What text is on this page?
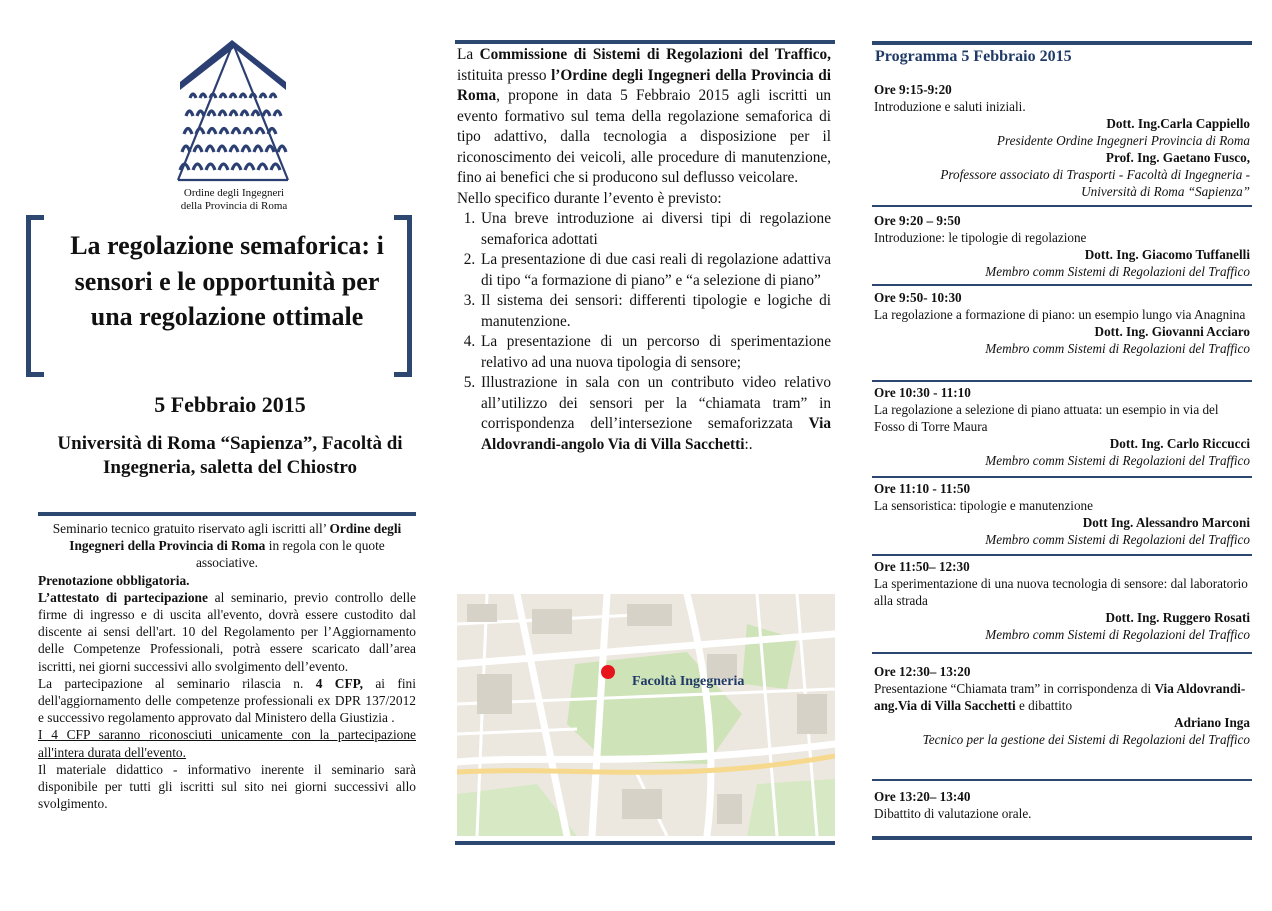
Ordine degli Ingegneri
della Provincia di Roma
La regolazione semaforica: i sensori e le opportunità per una regolazione ottimale
5 Febbraio 2015
Università di Roma “Sapienza”, Facoltà di Ingegneria, saletta del Chiostro

Seminario tecnico gratuito riservato agli iscritti all’ Ordine degli Ingegneri della Provincia di Roma in regola con le quote associative.

Prenotazione obbligatoria.

L’attestato di partecipazione al seminario, previo controllo delle firme di ingresso e di uscita all'evento, dovrà essere custodito dal discente ai sensi dell'art. 10 del Regolamento per l’Aggiornamento delle Competenze Professionali, potrà essere scaricato dall’area iscritti, nei giorni successivi allo svolgimento dell’evento.

La partecipazione al seminario rilascia n. 4 CFP, ai fini dell'aggiornamento delle competenze professionali ex DPR 137/2012 e successivo regolamento approvato dal Ministero della Giustizia .

I 4 CFP saranno riconosciuti unicamente con la partecipazione all'intera durata dell'evento.

Il materiale didattico - informativo inerente il seminario sarà disponibile per tutti gli iscritti sul sito nei giorni successivi allo svolgimento.

La Commissione di Sistemi di Regolazioni del Traffico, istituita presso l’Ordine degli Ingegneri della Provincia di Roma, propone in data 5 Febbraio 2015 agli iscritti un evento formativo sul tema della regolazione semaforica di tipo adattivo, dalla tecnologia a disposizione per il riconoscimento dei veicoli, alle procedure di manutenzione, fino ai benefici che si producono sul deflusso veicolare.

Nello specifico durante l’evento è previsto:

1. Una breve introduzione ai diversi tipi di regolazione semaforica adottati
2. La presentazione di due casi reali di regolazione adattiva di tipo “a formazione di piano” e “a selezione di piano”
3. Il sistema dei sensori: differenti tipologie e logiche di manutenzione.
4. La presentazione di un percorso di sperimentazione relativo ad una nuova tipologia di sensore;
5. Illustrazione in sala con un contributo video relativo all’utilizzo dei sensori per la “chiamata tram” in corrispondenza dell’intersezione semaforizzata Via Aldovrandi-angolo Via di Villa Sacchetti:.
Facoltà Ingegneria
Programma 5 Febbraio 2015
Ore 9:15-9:20
Introduzione e saluti iniziali.
Dott. Ing.Carla Cappiello
Presidente Ordine Ingegneri Provincia di Roma
Prof. Ing. Gaetano Fusco,
Professore associato di Trasporti - Facoltà di Ingegneria - Università di Roma “Sapienza”
Ore 9:20 – 9:50
Introduzione: le tipologie di regolazione
Dott. Ing. Giacomo Tuffanelli
Membro comm Sistemi di Regolazioni del Traffico
Ore 9:50- 10:30
La regolazione a formazione di piano: un esempio lungo via Anagnina
Dott. Ing. Giovanni Acciaro
Membro comm Sistemi di Regolazioni del Traffico
Ore 10:30 - 11:10
La regolazione a selezione di piano attuata: un esempio in via del Fosso di Torre Maura
Dott. Ing. Carlo Riccucci
Membro comm Sistemi di Regolazioni del Traffico
Ore 11:10 - 11:50
La sensoristica: tipologie e manutenzione
Dott Ing. Alessandro Marconi
Membro comm Sistemi di Regolazioni del Traffico
Ore 11:50– 12:30
La sperimentazione di una nuova tecnologia di sensore: dal laboratorio alla strada
Dott. Ing. Ruggero Rosati
Membro comm Sistemi di Regolazioni del Traffico
Ore 12:30– 13:20
Presentazione “Chiamata tram” in corrispondenza di Via Aldovrandi-ang.Via di Villa Sacchetti e dibattito
Adriano Inga
Tecnico per la gestione dei Sistemi di Regolazioni del Traffico
Ore 13:20– 13:40
Dibattito di valutazione orale.
